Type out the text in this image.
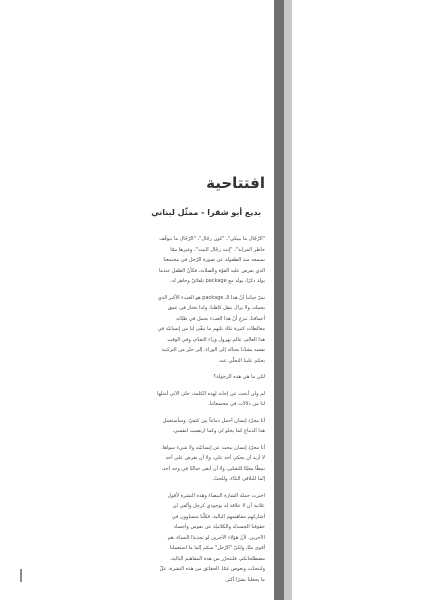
افتتاحية
بديع أبو شقرا - ممثّل لبناني

"الرّجّال ما بيبكي"، "كون رجّال"، "الرّجّال ما بيوقّف خاطر المراية"، "إنت رجّال البيت"، وغيرها ممّا نسمعه منذ الطفولة عن صورة الرّجل في مجتمعنا الذي يفرض عليه القوّة والصلابة، فكأنّ الطفل عندما يولد ذكرًا، يولد مع package تلقائيّ وجاهز له.

تمرّ حياتنا أنّ هذا الـ package هو العبء الأكبر الذي يحمله، ولا يزال يثقل كاهلنا. ولذا نختار في عمق أعماقنا، ننزع أنّ هذا العبء يحمل في طيّاته مغالطات كثيرة تكاد تلتهم ما تبقّى لنا من إنسانيّة في هذا العالم، عالم يهرول وراء التقدّم، وفي الوقت نفسه يشدّنا بحباله إلى الوراء، إلى حيّز من التركيبة يحكم علينا التخلّي عنه.

لكن ما هي هذه الرجولة؟

لم ولن أبحث عن إجابة لهذه الكلمة، حتّى الآني أمثلها لنا من دلالات في مجتمعاتنا.

أنا مجرّد إنسان أحمل دماغاً بين كتفيّ، وسأستعمل هذا الدماغ كما يحلو لي وكما ارتضيت لنفسي.

أنا مجرّد إنسان يبحث عن إنسانيّته ولا شيء سواها. لا أريد أن يحكي أحد عنّي، ولا أن يفرض علي أحد نمطًا معيّنًا للتفكير، ولا أن أبقى خياليًا في وجه أحد، إنّما للتلاقي البنّاء، وللحبّ.

اخترت حملة الشارة البيضاء وهذه النشرة لأقول علانية أن لا علاقة له بوجودي كرجل وأتّقي لن أشاركهم مفاهيمهم البالية. فكلّنا متساوون في حقوقنا الجسديّة والكلاميّة عن نفوس وأجساد الآخرين، لأنّ هؤلاء الآخرين لو تحديدًا النساء، هم أقوى منّا، ولكنّ "الرّجل" منكم إنّما ما استعملنا مصطلحاتكم، فلنتحرّر من هذه المفاهيم البالية، ولنتحدّث ونعوض عمّا. الحقائق من هذه النشرة، علّ ما يجعلنا بشرًا أكثر.
